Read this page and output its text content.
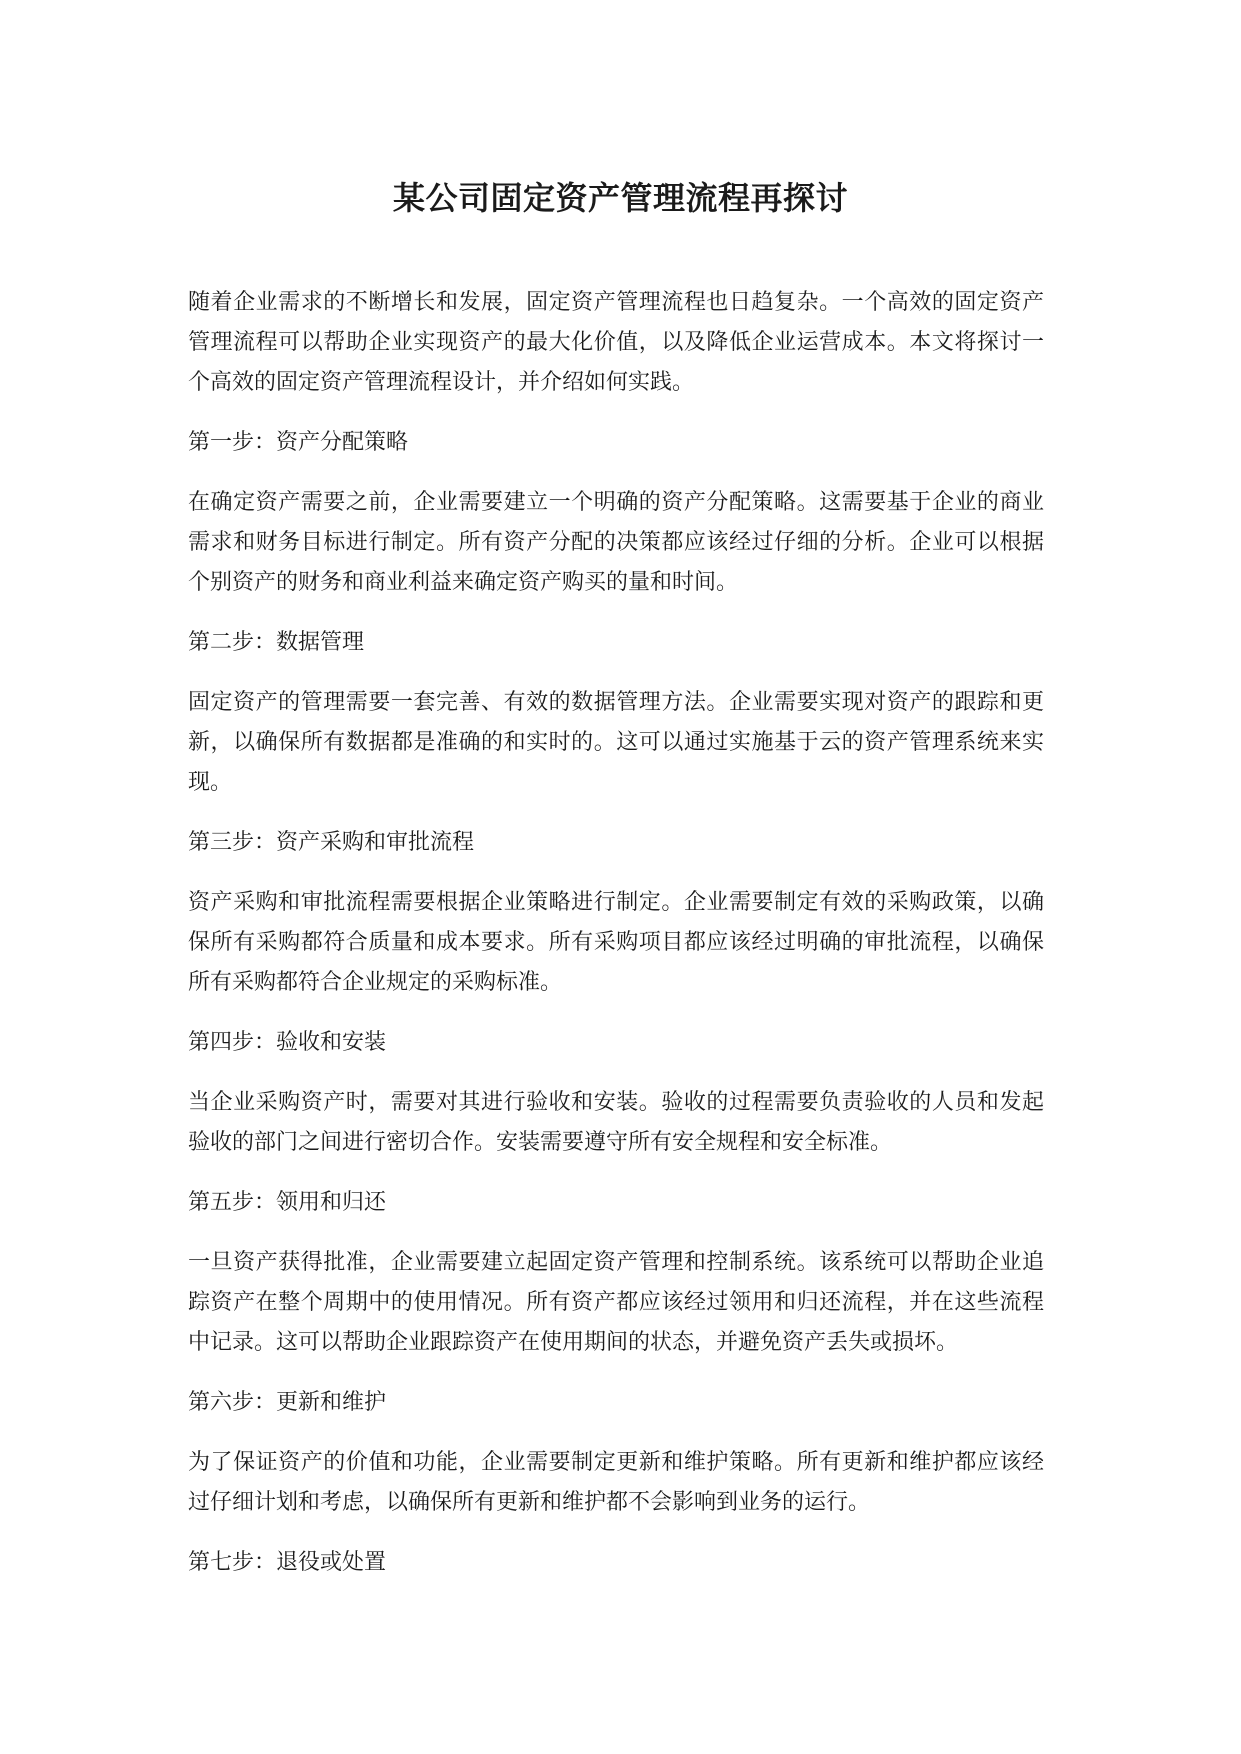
某公司固定资产管理流程再探讨

随着企业需求的不断增长和发展，固定资产管理流程也日趋复杂。一个高效的固定资产管理流程可以帮助企业实现资产的最大化价值，以及降低企业运营成本。本文将探讨一个高效的固定资产管理流程设计，并介绍如何实践。

第一步：资产分配策略

在确定资产需要之前，企业需要建立一个明确的资产分配策略。这需要基于企业的商业需求和财务目标进行制定。所有资产分配的决策都应该经过仔细的分析。企业可以根据个别资产的财务和商业利益来确定资产购买的量和时间。

第二步：数据管理

固定资产的管理需要一套完善、有效的数据管理方法。企业需要实现对资产的跟踪和更新，以确保所有数据都是准确的和实时的。这可以通过实施基于云的资产管理系统来实现。

第三步：资产采购和审批流程

资产采购和审批流程需要根据企业策略进行制定。企业需要制定有效的采购政策，以确保所有采购都符合质量和成本要求。所有采购项目都应该经过明确的审批流程，以确保所有采购都符合企业规定的采购标准。

第四步：验收和安装

当企业采购资产时，需要对其进行验收和安装。验收的过程需要负责验收的人员和发起验收的部门之间进行密切合作。安装需要遵守所有安全规程和安全标准。

第五步：领用和归还

一旦资产获得批准，企业需要建立起固定资产管理和控制系统。该系统可以帮助企业追踪资产在整个周期中的使用情况。所有资产都应该经过领用和归还流程，并在这些流程中记录。这可以帮助企业跟踪资产在使用期间的状态，并避免资产丢失或损坏。

第六步：更新和维护

为了保证资产的价值和功能，企业需要制定更新和维护策略。所有更新和维护都应该经过仔细计划和考虑，以确保所有更新和维护都不会影响到业务的运行。

第七步：退役或处置
